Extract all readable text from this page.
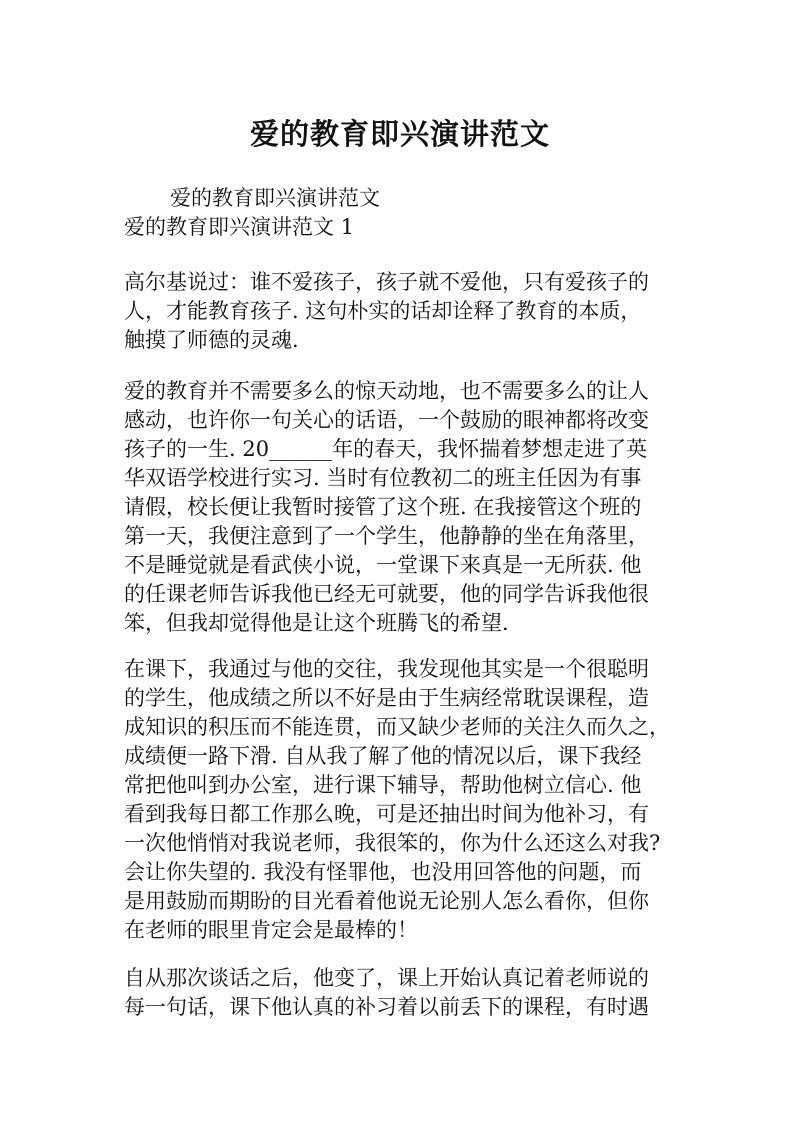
爱的教育即兴演讲范文
爱的教育即兴演讲范文
爱的教育即兴演讲范文 1
高尔基说过：谁不爱孩子，孩子就不爱他，只有爱孩子的
人，才能教育孩子. 这句朴实的话却诠释了教育的本质，
触摸了师德的灵魂.
爱的教育并不需要多么的惊天动地，也不需要多么的让人
感动，也许你一句关心的话语，一个鼓励的眼神都将改变
孩子的一生. 20______年的春天，我怀揣着梦想走进了英
华双语学校进行实习. 当时有位教初二的班主任因为有事
请假，校长便让我暂时接管了这个班. 在我接管这个班的
第一天，我便注意到了一个学生，他静静的坐在角落里，
不是睡觉就是看武侠小说，一堂课下来真是一无所获. 他
的任课老师告诉我他已经无可就要，他的同学告诉我他很
笨，但我却觉得他是让这个班腾飞的希望.
在课下，我通过与他的交往，我发现他其实是一个很聪明
的学生，他成绩之所以不好是由于生病经常耽误课程，造
成知识的积压而不能连贯，而又缺少老师的关注久而久之，
成绩便一路下滑. 自从我了解了他的情况以后，课下我经
常把他叫到办公室，进行课下辅导，帮助他树立信心. 他
看到我每日都工作那么晚，可是还抽出时间为他补习，有
一次他悄悄对我说老师，我很笨的，你为什么还这么对我?
会让你失望的. 我没有怪罪他，也没用回答他的问题，而
是用鼓励而期盼的目光看着他说无论别人怎么看你，但你
在老师的眼里肯定会是最棒的！
自从那次谈话之后，他变了，课上开始认真记着老师说的
每一句话，课下他认真的补习着以前丢下的课程，有时遇
